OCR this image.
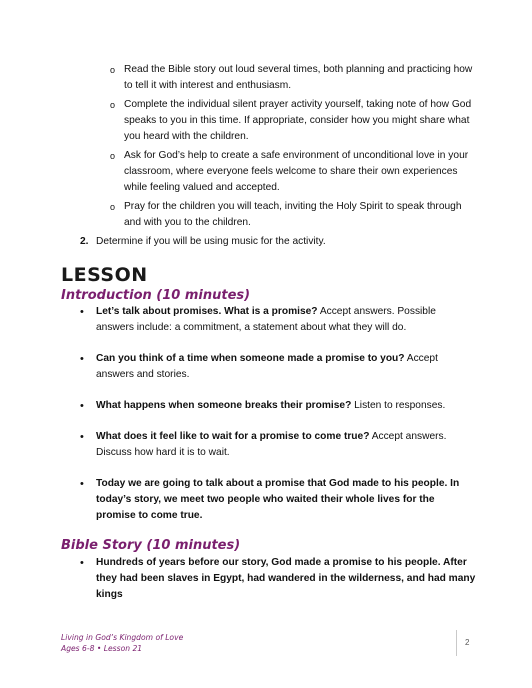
o Read the Bible story out loud several times, both planning and practicing how to tell it with interest and enthusiasm.
o Complete the individual silent prayer activity yourself, taking note of how God speaks to you in this time. If appropriate, consider how you might share what you heard with the children.
o Ask for God’s help to create a safe environment of unconditional love in your classroom, where everyone feels welcome to share their own experiences while feeling valued and accepted.
o Pray for the children you will teach, inviting the Holy Spirit to speak through and with you to the children.
2. Determine if you will be using music for the activity.
LESSON
Introduction (10 minutes)
• Let’s talk about promises. What is a promise? Accept answers. Possible answers include: a commitment, a statement about what they will do.
• Can you think of a time when someone made a promise to you? Accept answers and stories.
• What happens when someone breaks their promise? Listen to responses.
• What does it feel like to wait for a promise to come true? Accept answers. Discuss how hard it is to wait.
• Today we are going to talk about a promise that God made to his people. In today’s story, we meet two people who waited their whole lives for the promise to come true.
Bible Story (10 minutes)
• Hundreds of years before our story, God made a promise to his people. After they had been slaves in Egypt, had wandered in the wilderness, and had many kings
Living in God’s Kingdom of Love
Ages 6-8 • Lesson 21
2
